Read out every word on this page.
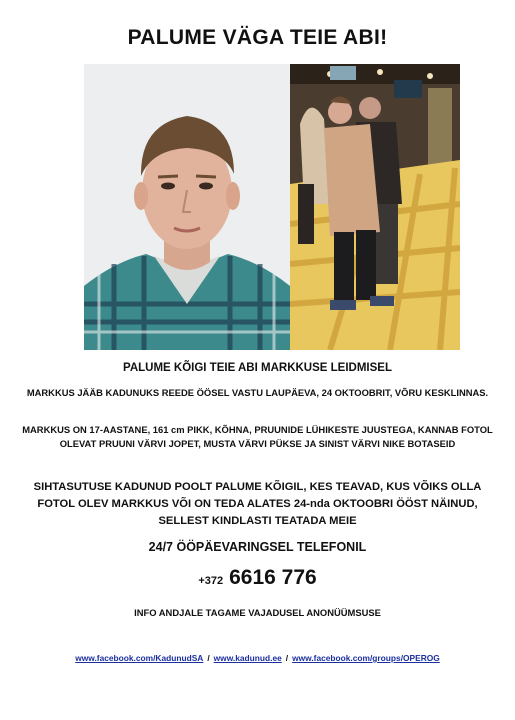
PALUME VÄGA TEIE ABI!
PALUME KÕIGI TEIE ABI MARKKUSE LEIDMISEL
MARKKUS JÄÄB KADUNUKS REEDE ÖÖSEL VASTU LAUPÄEVA, 24 OKTOOBRIT, VÕRU KESKLINNAS.
MARKKUS ON 17-AASTANE, 161 cm PIKK, KÕHNA, PRUUNIDE LÜHIKESTE JUUSTEGA, KANNAB FOTOL OLEVAT PRUUNI VÄRVI JOPET, MUSTA VÄRVI PÜKSE JA SINIST VÄRVI NIKE BOTASEID
SIHTASUTUSE KADUNUD POOLT PALUME KÕIGIL, KES TEAVAD, KUS VÕIKS OLLA FOTOL OLEV MARKKUS VÕI ON TEDA ALATES 24-nda OKTOOBRI ÖÖST NÄINUD, SELLEST KINDLASTI TEATADA MEIE
24/7 ÖÖPÄEVARINGSEL TELEFONIL
+372 6616 776
INFO ANDJALE TAGAME VAJADUSEL ANONÜÜMSUSE
www.facebook.com/KadunudSA / www.kadunud.ee / www.facebook.com/groups/OPEROG
